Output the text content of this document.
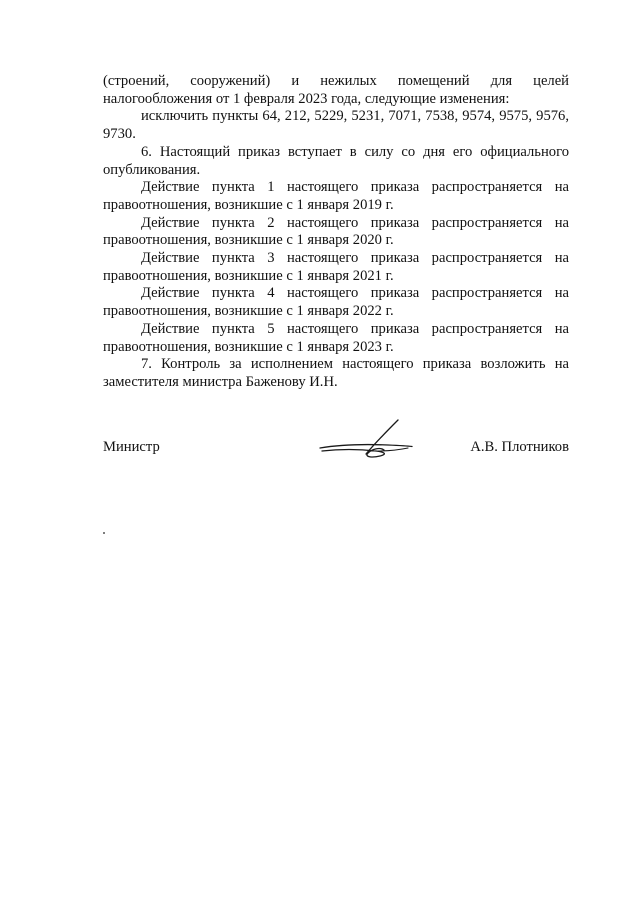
(строений, сооружений) и нежилых помещений для целей

налогообложения от 1 февраля 2023 года, следующие изменения:

исключить пункты 64, 212, 5229, 5231, 7071, 7538, 9574, 9575, 9576, 9730.

6. Настоящий приказ вступает в силу со дня его официального опубликования.

Действие пункта 1 настоящего приказа распространяется на правоотношения, возникшие с 1 января 2019 г.

Действие пункта 2 настоящего приказа распространяется на правоотношения, возникшие с 1 января 2020 г.

Действие пункта 3 настоящего приказа распространяется на правоотношения, возникшие с 1 января 2021 г.

Действие пункта 4 настоящего приказа распространяется на правоотношения, возникшие с 1 января 2022 г.

Действие пункта 5 настоящего приказа распространяется на правоотношения, возникшие с 1 января 2023 г.

7. Контроль за исполнением настоящего приказа возложить на заместителя министра Баженову И.Н.

Министр	А.В. Плотников
